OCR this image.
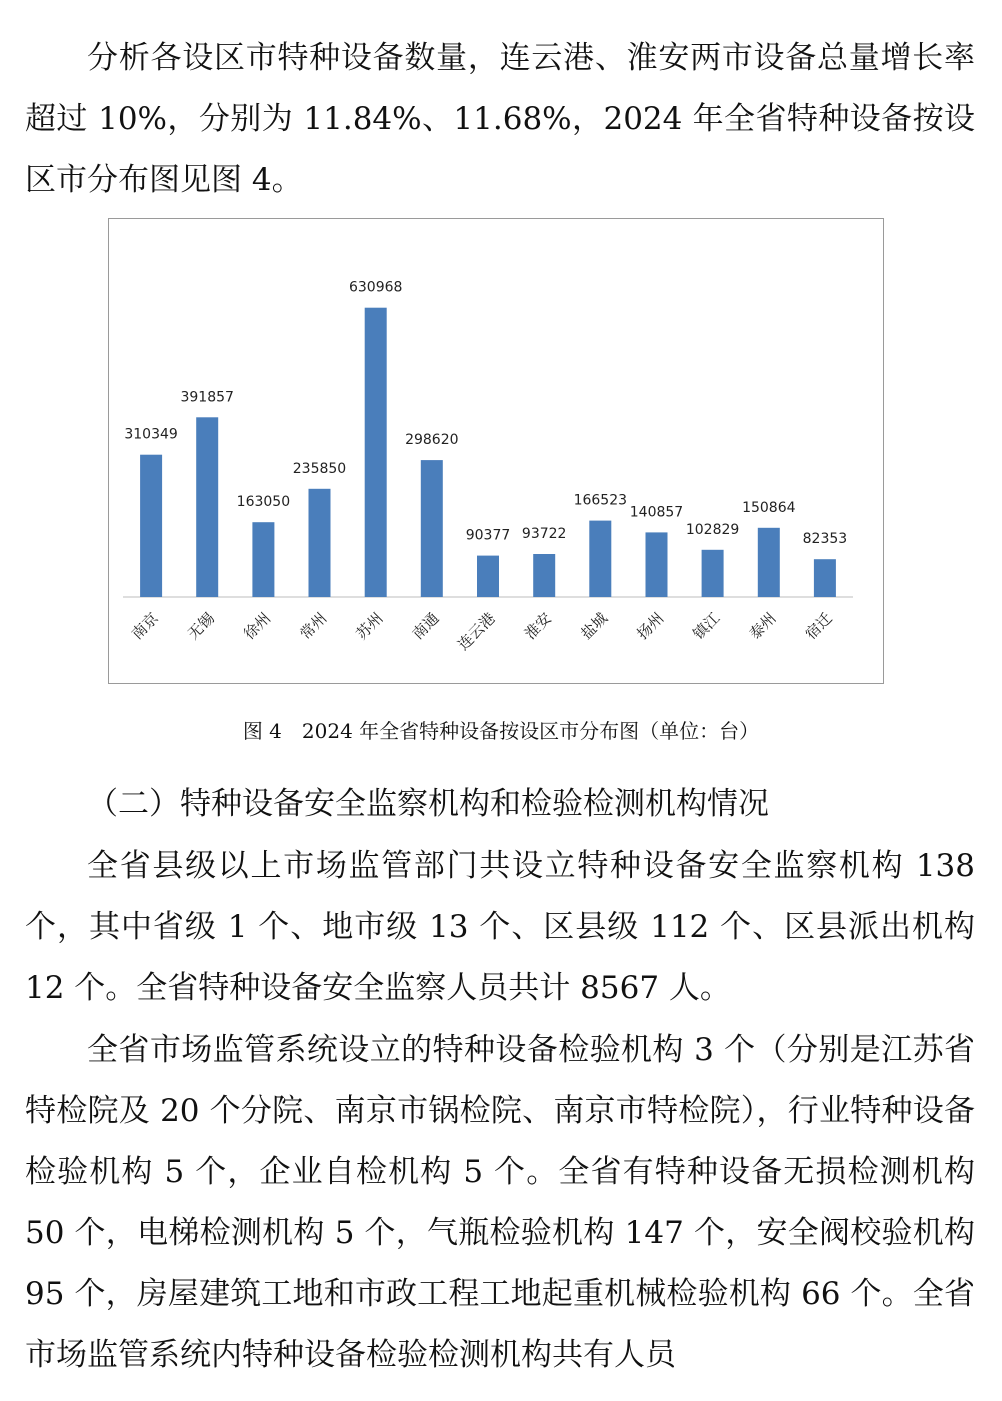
分析各设区市特种设备数量，连云港、淮安两市设备总量增长率超过 10%，分别为 11.84%、11.68%，2024 年全省特种设备按设区市分布图见图 4。

310349
南京
391857
无锡
163050
徐州
235850
常州
630968
苏州
298620
南通
90377
连云港
93722
淮安
166523
盐城
140857
扬州
102829
镇江
150864
泰州
82353
宿迁
图 4　2024 年全省特种设备按设区市分布图（单位：台）

（二）特种设备安全监察机构和检验检测机构情况

全省县级以上市场监管部门共设立特种设备安全监察机构 138 个，其中省级 1 个、地市级 13 个、区县级 112 个、区县派出机构 12 个。全省特种设备安全监察人员共计 8567 人。

全省市场监管系统设立的特种设备检验机构 3 个（分别是江苏省特检院及 20 个分院、南京市锅检院、南京市特检院），行业特种设备检验机构 5 个，企业自检机构 5 个。全省有特种设备无损检测机构 50 个，电梯检测机构 5 个，气瓶检验机构 147 个，安全阀校验机构 95 个，房屋建筑工地和市政工程工地起重机械检验机构 66 个。全省市场监管系统内特种设备检验检测机构共有人员
